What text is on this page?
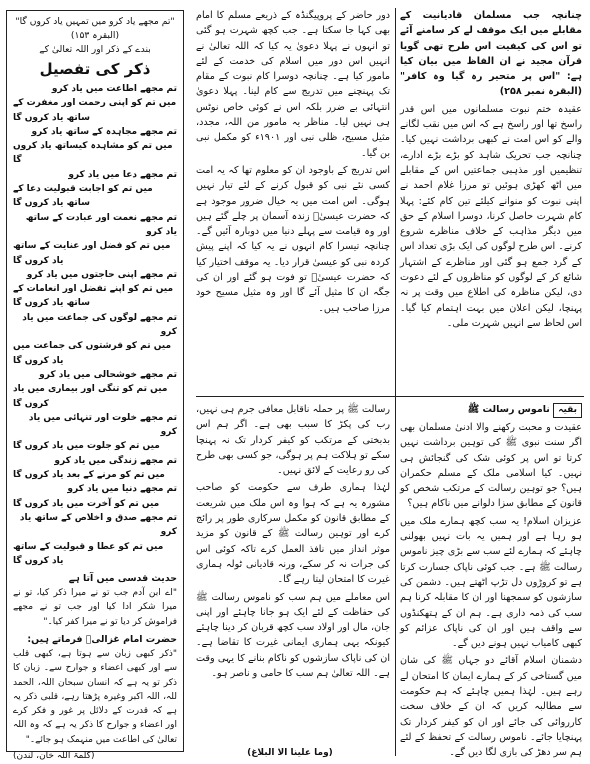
"تم مجھے یاد کرو میں تمہیں یاد کروں گا" (البقرہ ۱۵۳)
بندے کے ذکر اور اللہ تعالیٰ کے
ذکر کی تفصیل
تم مجھے اطاعت میں یاد کرو
میں تم کو اپنی رحمت اور مغفرت کے ساتھ یاد کروں گا
تم مجھے مجاہدہ کے ساتھ یاد کرو
میں تم کو مشاہدہ کیساتھ یاد کروں گا
تم مجھے دعا میں یاد کرو
میں تم کو اجابت قبولیت دعا کے ساتھ یاد کروں گا
تم مجھے نعمت اور عبادت کے ساتھ یاد کرو
میں تم کو فضل اور عنایت کے ساتھ یاد کروں گا
تم مجھے اپنی حاجتوں میں یاد کرو
میں تم کو اپنے تفضل اور انعامات کے ساتھ یاد کروں گا
تم مجھے لوگوں کی جماعت میں یاد کرو
میں تم کو فرشتوں کی جماعت میں یاد کروں گا
تم مجھے خوشحالی میں یاد کرو
میں تم کو تنگی اور بیماری میں یاد کروں گا
تم مجھے خلوت اور تنہائی میں یاد کرو
میں تم کو جلوت میں یاد کروں گا
تم مجھے زندگی میں یاد کرو
میں تم کو مرنے کے بعد یاد کروں گا
تم مجھے دنیا میں یاد کرو
میں تم کو آخرت میں یاد کروں گا
تم مجھے صدق و اخلاص کے ساتھ یاد کرو
میں تم کو عطا و قبولیت کے ساتھ یاد کروں گا
حدیث قدسی میں آتا ہے
"اے ابن آدم جب تو نے میرا ذکر کیا، تو نے میرا شکر ادا کیا اور جب تو نے مجھے فراموش کر دیا تو نے میرا کفر کیا۔"
حضرت امام غزالیؒ فرماتے ہیں:
"ذکر کبھی زبان سے ہوتا ہے، کبھی قلب سے اور کبھی اعضاء و جوارح سے۔ زبان کا ذکر تو یہ ہے کہ انسان سبحان اللہ، الحمد للہ، اللہ اکبر وغیرہ پڑھتا رہے، قلبی ذکر یہ ہے کہ قدرت کے دلائل پر غور و فکر کرے اور اعضاء و جوارح کا ذکر یہ ہے کہ وہ اللہ تعالیٰ کی اطاعت میں منہمک ہو جائے۔"
(کلمۃ اللہ خان، لندن)

چنانچہ جب مسلمان قادیانیت کے مقابلے میں ایک موقف لے کر سامنے آئے تو اس کی کیفیت اس طرح تھی گویا قرآن مجید نے ان الفاظ میں بیان کیا ہے: "اس پر متحیر رہ گیا وہ کافر" (البقرہ نمبر ۲۵۸)

عقیدہ ختم نبوت مسلمانوں میں اس قدر راسخ تھا اور راسخ ہے کہ اس میں نقب لگانے والے کو اس امت نے کبھی برداشت نہیں کیا۔ چنانچہ جب تحریک شاہد کو بڑے بڑے ادارے، تنظیمیں اور مذہبی جماعتیں اس کے مقابلے میں اٹھ کھڑی ہوئیں تو مرزا غلام احمد نے اپنی نبوت کو منوانے کیلئے تین کام کئے: پہلا کام شہرت حاصل کرنا، دوسرا اسلام کے حق میں دیگر مذاہب کے خلاف مناظرے شروع کرنے۔ اس طرح لوگوں کی ایک بڑی تعداد اس کے گرد جمع ہو گئی اور مناظرے کے اشتہار شائع کر کے لوگوں کو مناظروں کے لئے دعوت دی، لیکن مناظرہ کی اطلاع میں وقت پر نہ پہنچا، لیکن اعلان میں بہت اہتمام کیا گیا۔ اس لحاظ سے انہیں شہرت ملی۔

دور حاضر کے پروپیگنڈہ کے ذریعے مسلم کا امام بھی کہا جا سکتا ہے۔ جب کچھ شہرت ہو گئی تو انہوں نے پہلا دعویٰ یہ کیا کہ اللہ تعالیٰ نے انہیں اس دور میں اسلام کی خدمت کے لئے مامور کیا ہے۔ چنانچہ دوسرا کام نبوت کے مقام تک پہنچنے میں تدریج سے کام لینا۔ پہلا دعویٰ انتہائی بے ضرر بلکہ اس نے کوئی خاص نوٹس ہی نہیں لیا۔ مناظر یہ مامور من اللہ، مجدد، مثیل مسیح، ظلی نبی اور ۱۹۰۱ء کو مکمل نبی بن گیا۔

اس تدریج کے باوجود ان کو معلوم تھا کہ یہ امت کسی نئے نبی کو قبول کرنے کے لئے تیار نہیں ہوگی۔ اس امت میں یہ خیال ضرور موجود ہے کہ حضرت عیسیٰؑ زندہ آسمان پر چلے گئے ہیں اور وہ قیامت سے پہلے دنیا میں دوبارہ آئیں گے۔ چنانچہ تیسرا کام انہوں نے یہ کیا کہ اپنے پیش کردہ نبی کو عیسیٰ قرار دیا۔ یہ موقف اختیار کیا کہ حضرت عیسیٰؑ تو فوت ہو گئے اور ان کی جگہ ان کا مثیل آئے گا اور وہ مثیل مسیح خود مرزا صاحب ہیں۔

بقیہ ناموس رسالت ﷺ

عقیدت و محبت رکھنے والا ادنیٰ مسلمان بھی اگر سنت نبوی ﷺ کی توہین برداشت نہیں کرتا تو اس پر کوئی شک کی گنجائش ہی نہیں۔ کیا اسلامی ملک کے مسلم حکمران ہیں؟ جو توہین رسالت کے مرتکب شخص کو قانون کے مطابق سزا دلوانے میں ناکام ہیں؟

عزیزان اسلام! یہ سب کچھ ہمارے ملک میں ہو رہا ہے اور ہمیں یہ بات نہیں بھولنی چاہئے کہ ہمارے لئے سب سے بڑی چیز ناموس رسالت ﷺ ہے۔ جب کوئی ناپاک جسارت کرتا ہے تو کروڑوں دل تڑپ اٹھتے ہیں۔ دشمن کی سازشوں کو سمجھنا اور ان کا مقابلہ کرنا ہم سب کی ذمہ داری ہے۔ ہم ان کے ہتھکنڈوں سے واقف ہیں اور ان کی ناپاک عزائم کو کبھی کامیاب نہیں ہونے دیں گے۔

دشمنان اسلام آقائے دو جہاں ﷺ کی شان میں گستاخی کر کے ہمارے ایمان کا امتحان لے رہے ہیں۔ لہٰذا ہمیں چاہئے کہ ہم حکومت سے مطالبہ کریں کہ ان کے خلاف سخت کارروائی کی جائے اور ان کو کیفر کردار تک پہنچایا جائے۔ ناموس رسالت کے تحفظ کے لئے ہم سر دھڑ کی بازی لگا دیں گے۔

رسالت ﷺ پر حملہ ناقابل معافی جرم ہی نہیں، رب کی پکڑ کا سبب بھی ہے۔ اگر ہم اس بدبختی کے مرتکب کو کیفر کردار تک نہ پہنچا سکے تو ہلاکت ہم پر ہوگی، جو کسی بھی طرح کی رو رعایت کے لائق نہیں۔

لہٰذا ہماری طرف سے حکومت کو صاحب مشورہ یہ ہے کہ ہوا وہ اس ملک میں شریعت کے مطابق قانون کو مکمل سرکاری طور پر رائج کرے اور توہین رسالت ﷺ کے قانون کو مزید موثر انداز میں نافذ العمل کرے تاکہ کوئی اس کی جرات نہ کر سکے، ورنہ قادیانی ٹولہ ہماری غیرت کا امتحان لیتا رہے گا۔

اس معاملے میں ہم سب کو ناموس رسالت ﷺ کی حفاظت کے لئے ایک ہو جانا چاہئے اور اپنی جان، مال اور اولاد سب کچھ قربان کر دینا چاہئے کیونکہ یہی ہماری ایمانی غیرت کا تقاضا ہے۔ ان کی ناپاک سازشوں کو ناکام بنانے کا یہی وقت ہے۔ اللہ تعالیٰ ہم سب کا حامی و ناصر ہو۔

(وما علینا الا البلاغ)
